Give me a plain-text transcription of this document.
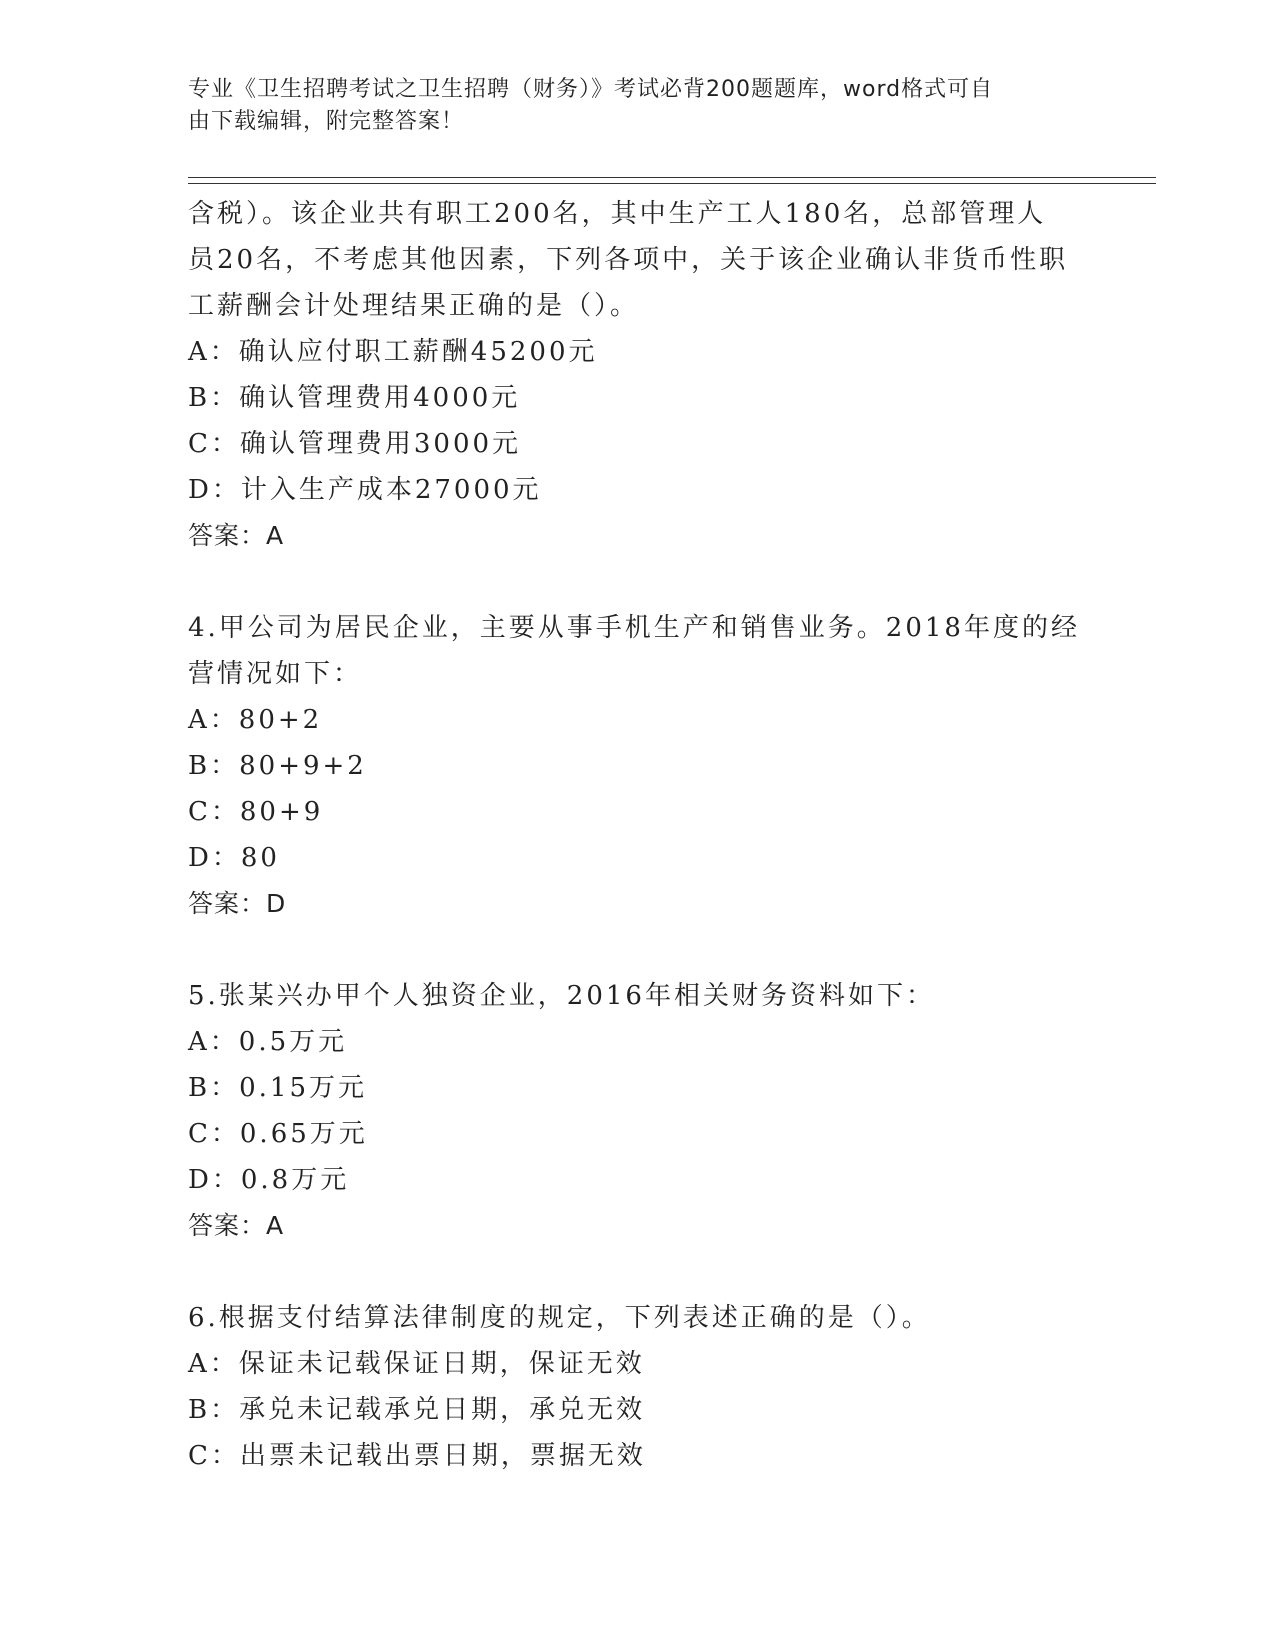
专业《卫生招聘考试之卫生招聘（财务）》考试必背200题题库，word格式可自
由下载编辑，附完整答案！
含税）。该企业共有职工200名，其中生产工人180名，总部管理人
员20名，不考虑其他因素，下列各项中，关于该企业确认非货币性职
工薪酬会计处理结果正确的是（）。
A：确认应付职工薪酬45200元
B：确认管理费用4000元
C：确认管理费用3000元
D：计入生产成本27000元
答案：A
4.甲公司为居民企业，主要从事手机生产和销售业务。2018年度的经
营情况如下：
A：80+2
B：80+9+2
C：80+9
D：80
答案：D
5.张某兴办甲个人独资企业，2016年相关财务资料如下：
A：0.5万元
B：0.15万元
C：0.65万元
D：0.8万元
答案：A
6.根据支付结算法律制度的规定，下列表述正确的是（）。
A：保证未记载保证日期，保证无效
B：承兑未记载承兑日期，承兑无效
C：出票未记载出票日期，票据无效
